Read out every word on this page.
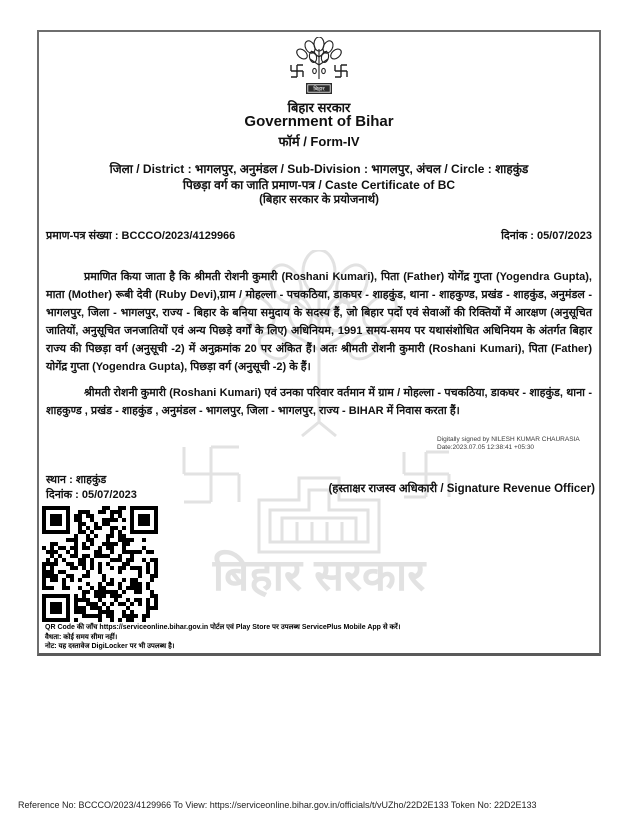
बिहार सरकार
बिहार
बिहार सरकार
Government of Bihar
फॉर्म / Form-IV
जिला / District : भागलपुर, अनुमंडल / Sub-Division : भागलपुर, अंचल / Circle : शाहकुंड
पिछड़ा वर्ग का जाति प्रमाण-पत्र / Caste Certificate of BC
(बिहार सरकार के प्रयोजनार्थ)
प्रमाण-पत्र संख्या : BCCCO/2023/4129966	दिनांक : 05/07/2023
प्रमाणित किया जाता है कि श्रीमती रोशनी कुमारी (Roshani Kumari), पिता (Father) योगेंद्र गुप्ता (Yogendra Gupta), माता (Mother) रूबी देवी (Ruby Devi),ग्राम / मोहल्ला - पचकठिया, डाकघर - शाहकुंड, थाना - शाहकुण्ड, प्रखंड - शाहकुंड, अनुमंडल - भागलपुर, जिला - भागलपुर, राज्य - बिहार के बनिया समुदाय के सदस्य हैं, जो बिहार पदों एवं सेवाओं की रिक्तियों में आरक्षण (अनुसूचित जातियों, अनुसूचित जनजातियों एवं अन्य पिछड़े वर्गों के लिए) अधिनियम, 1991 समय-समय पर यथासंशोधित अधिनियम के अंतर्गत बिहार राज्य की पिछड़ा वर्ग (अनुसूची -2) में अनुक्रमांक 20 पर अंकित हैं। अतः श्रीमती रोशनी कुमारी (Roshani Kumari), पिता (Father) योगेंद्र गुप्ता (Yogendra Gupta), पिछड़ा वर्ग (अनुसूची -2) के हैं।
श्रीमती रोशनी कुमारी (Roshani Kumari) एवं उनका परिवार वर्तमान में ग्राम / मोहल्ला - पचकठिया, डाकघर - शाहकुंड, थाना - शाहकुण्ड , प्रखंड - शाहकुंड , अनुमंडल - भागलपुर, जिला - भागलपुर, राज्य - BIHAR में निवास करता हैं।
Digitally signed by NILESH KUMAR CHAURASIA
Date:2023.07.05 12:38:41 +05:30
स्थान : शाहकुंड
दिनांक : 05/07/2023	(हस्ताक्षर राजस्व अधिकारी / Signature Revenue Officer)
QR Code की जाँच https://serviceonline.bihar.gov.in पोर्टल एवं Play Store पर उपलब्ध ServicePlus Mobile App से करें।
वैधता: कोई समय सीमा नहीं।
नोट: यह दस्तावेज DigiLocker पर भी उपलब्ध है।
Reference No: BCCCO/2023/4129966 To View: https://serviceonline.bihar.gov.in/officials/t/vUZho/22D2E133 Token No: 22D2E133
